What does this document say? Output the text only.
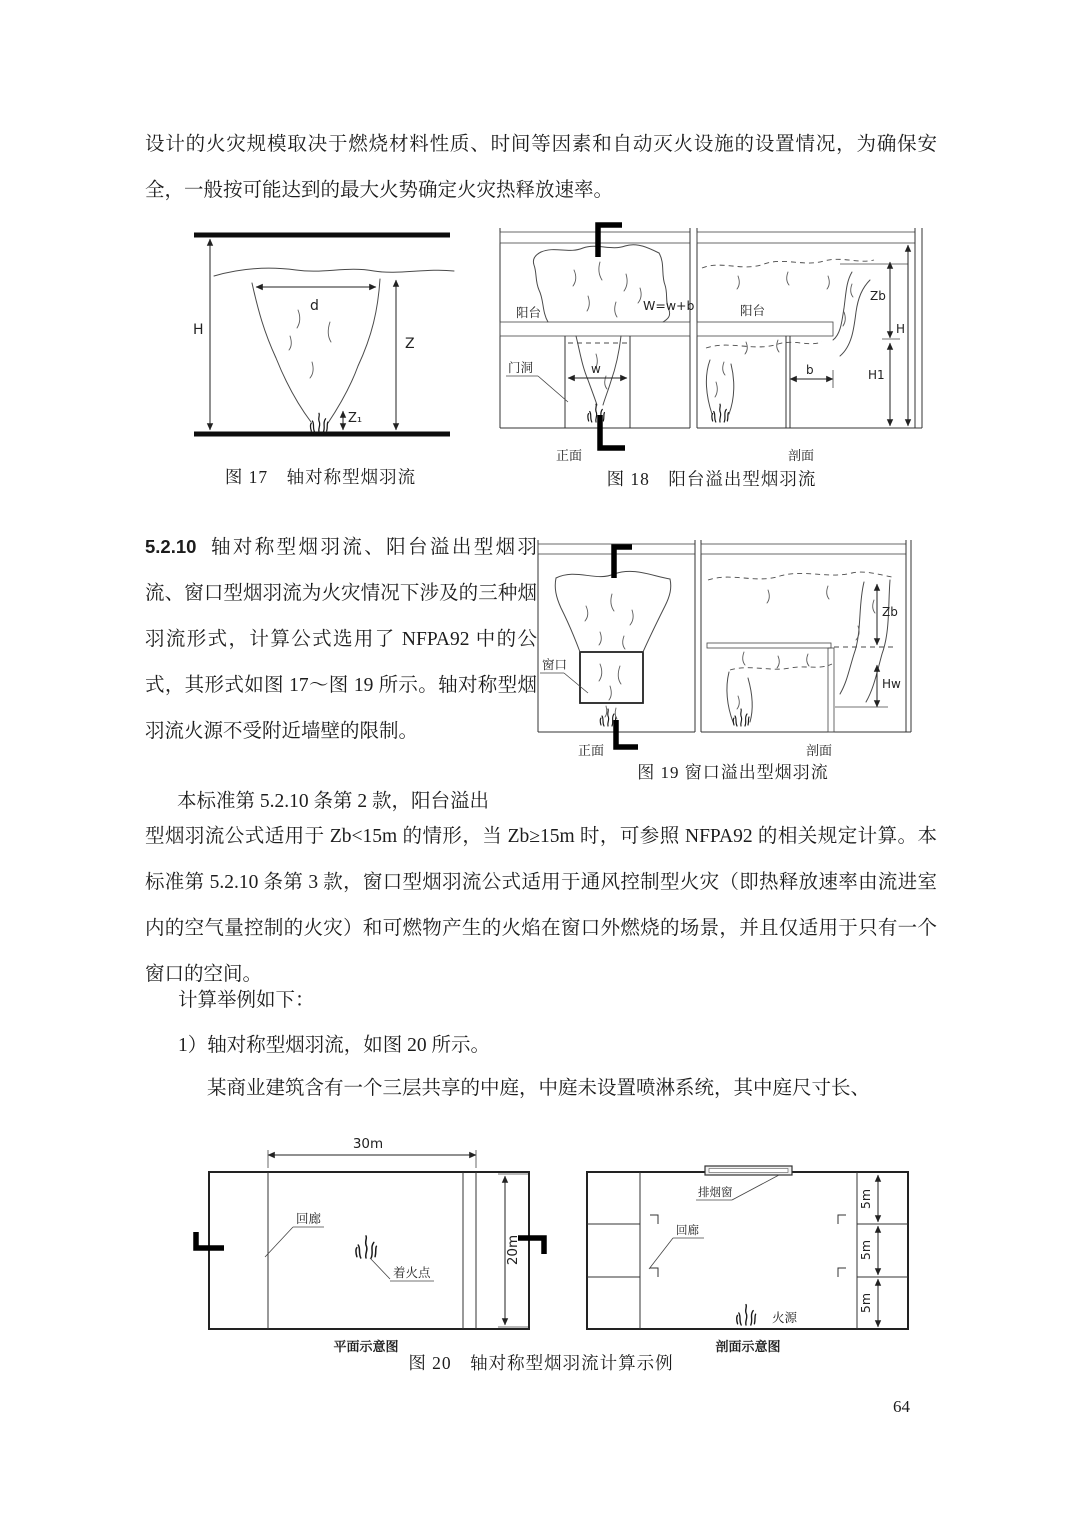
设计的火灾规模取决于燃烧材料性质、时间等因素和自动灭火设施的设置情况，为确保安全，一般按可能达到的最大火势确定火灾热释放速率。
H
d
Z
Z₁
图 17　轴对称型烟羽流
阳台	W=w+b
门洞	w
正面
阳台
b
Zb
H
H1
剖面
图 18　阳台溢出型烟羽流
5.2.10 轴对称型烟羽流、阳台溢出型烟羽流、窗口型烟羽流为火灾情况下涉及的三种烟羽流形式，计算公式选用了 NFPA92 中的公式，其形式如图 17～图 19 所示。轴对称型烟羽流火源不受附近墙壁的限制。
窗口
正面
Zb
Hw
剖面
图 19 窗口溢出型烟羽流
本标准第 5.2.10 条第 2 款，阳台溢出
型烟羽流公式适用于 Zb<15m 的情形，当 Zb≥15m 时，可参照 NFPA92 的相关规定计算。本标准第 5.2.10 条第 3 款，窗口型烟羽流公式适用于通风控制型火灾（即热释放速率由流进室内的空气量控制的火灾）和可燃物产生的火焰在窗口外燃烧的场景，并且仅适用于只有一个窗口的空间。
计算举例如下：
1）轴对称型烟羽流，如图 20 所示。
某商业建筑含有一个三层共享的中庭，中庭未设置喷淋系统，其中庭尺寸长、
30m
20m
回廊
着火点
平面示意图
排烟窗
回廊
火源
5m
5m
5m
剖面示意图
图 20　轴对称型烟羽流计算示例
64
